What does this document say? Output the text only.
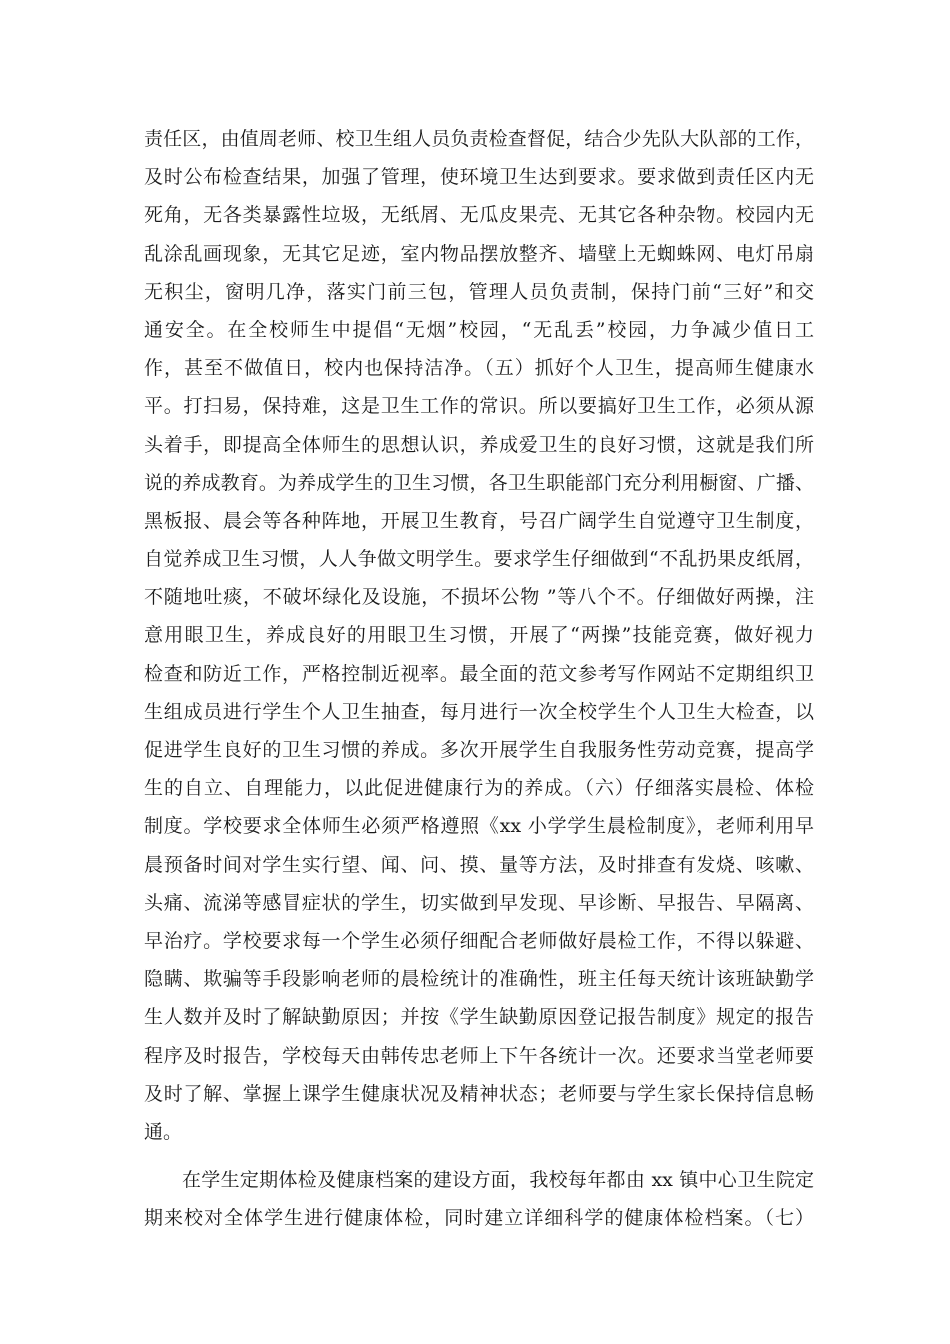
责任区，由值周老师、校卫生组人员负责检查督促，结合少先队大队部的工作，
及时公布检查结果，加强了管理，使环境卫生达到要求。要求做到责任区内无
死角，无各类暴露性垃圾，无纸屑、无瓜皮果壳、无其它各种杂物。校园内无
乱涂乱画现象，无其它足迹，室内物品摆放整齐、墙壁上无蜘蛛网、电灯吊扇
无积尘，窗明几净，落实门前三包，管理人员负责制，保持门前“三好”和交
通安全。在全校师生中提倡“无烟”校园，“无乱丢”校园，力争减少值日工
作，甚至不做值日，校内也保持洁净。（五）抓好个人卫生，提高师生健康水
平。打扫易，保持难，这是卫生工作的常识。所以要搞好卫生工作，必须从源
头着手，即提高全体师生的思想认识，养成爱卫生的良好习惯，这就是我们所
说的养成教育。为养成学生的卫生习惯，各卫生职能部门充分利用橱窗、广播、
黑板报、晨会等各种阵地，开展卫生教育，号召广阔学生自觉遵守卫生制度，
自觉养成卫生习惯，人人争做文明学生。要求学生仔细做到“不乱扔果皮纸屑，
不随地吐痰，不破坏绿化及设施，不损坏公物 ”等八个不。仔细做好两操，注
意用眼卫生，养成良好的用眼卫生习惯，开展了“两操”技能竞赛，做好视力
检查和防近工作，严格控制近视率。最全面的范文参考写作网站不定期组织卫
生组成员进行学生个人卫生抽查，每月进行一次全校学生个人卫生大检查，以
促进学生良好的卫生习惯的养成。多次开展学生自我服务性劳动竞赛，提高学
生的自立、自理能力，以此促进健康行为的养成。（六）仔细落实晨检、体检
制度。学校要求全体师生必须严格遵照《xx 小学学生晨检制度》，老师利用早
晨预备时间对学生实行望、闻、问、摸、量等方法，及时排查有发烧、咳嗽、
头痛、流涕等感冒症状的学生，切实做到早发现、早诊断、早报告、早隔离、
早治疗。学校要求每一个学生必须仔细配合老师做好晨检工作，不得以躲避、
隐瞒、欺骗等手段影响老师的晨检统计的准确性，班主任每天统计该班缺勤学
生人数并及时了解缺勤原因；并按《学生缺勤原因登记报告制度》规定的报告
程序及时报告，学校每天由韩传忠老师上下午各统计一次。还要求当堂老师要
及时了解、掌握上课学生健康状况及精神状态；老师要与学生家长保持信息畅
通。
在学生定期体检及健康档案的建设方面，我校每年都由 xx 镇中心卫生院定
期来校对全体学生进行健康体检，同时建立详细科学的健康体检档案。（七）
